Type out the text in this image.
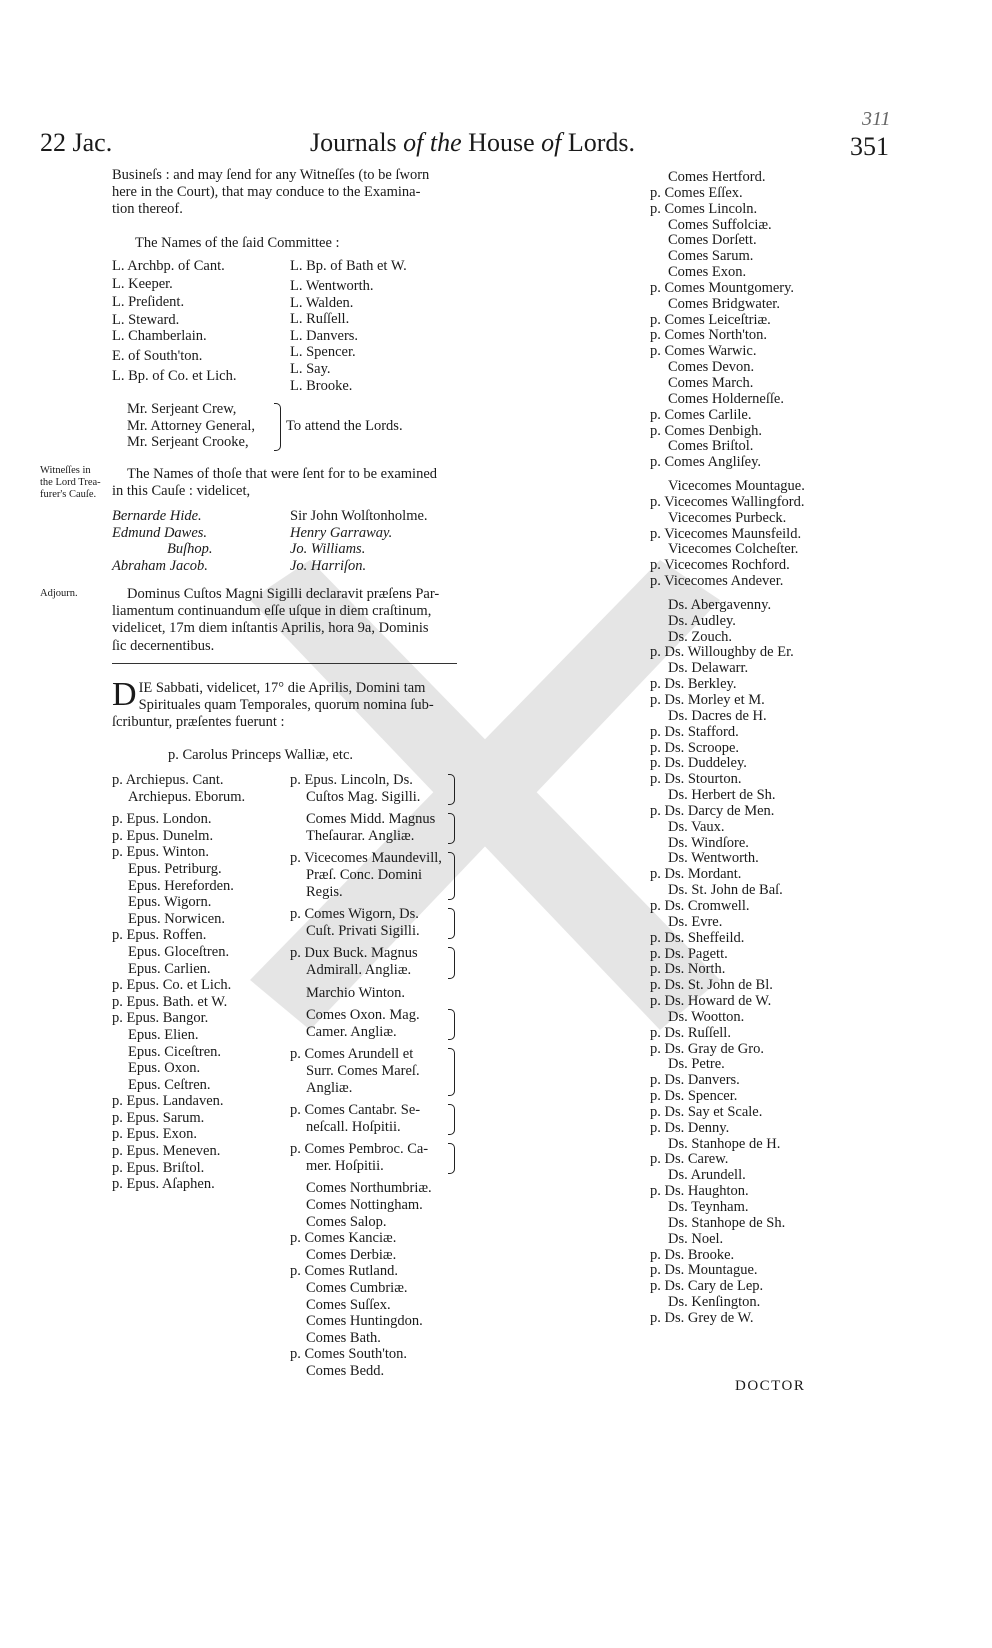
22 Jac.	Journals of the House of Lords.	351
311
Busineſs : and may ſend for any Witneſſes (to be ſworn
here in the Court), that may conduce to the Examina-
tion thereof.
The Names of the ſaid Committee :
L. Archbp. of Cant.
L. Keeper.
L. Preſident.
L. Steward.
L. Chamberlain.
E. of South'ton.
L. Bp. of Co. et Lich.
L. Bp. of Bath et W.
L. Wentworth.
L. Walden.
L. Ruſſell.
L. Danvers.
L. Spencer.
L. Say.
L. Brooke.
Mr. Serjeant Crew,
Mr. Attorney General,
Mr. Serjeant Crooke,
To attend the Lords.
Witneſſes in
the Lord Trea-
furer's Cauſe.
The Names of thoſe that were ſent for to be examined
in this Cauſe : videlicet,
Bernarde Hide.
Edmund Dawes.
Buſhop.
Abraham Jacob.
Sir John Wolſtonholme.
Henry Garraway.
Jo. Williams.
Jo. Harriſon.
Adjourn.	Dominus Cuſtos Magni Sigilli declaravit præſens Par-
liamentum continuandum eſſe uſque in diem craſtinum,
videlicet, 17m diem inſtantis Aprilis, hora 9a, Dominis
ſic decernentibus.
D IE Sabbati, videlicet, 17° die Aprilis, Domini tam
Spirituales quam Temporales, quorum nomina ſub-
ſcribuntur, præſentes fuerunt :
p. Carolus Princeps Walliæ, etc.
p. Archiepus. Cant.
Archiepus. Eborum.
p. Epus. London.
p. Epus. Dunelm.
p. Epus. Winton.
Epus. Petriburg.
Epus. Hereforden.
Epus. Wigorn.
Epus. Norwicen.
p. Epus. Roffen.
Epus. Gloceſtren.
Epus. Carlien.
p. Epus. Co. et Lich.
p. Epus. Bath. et W.
p. Epus. Bangor.
Epus. Elien.
Epus. Ciceſtren.
Epus. Oxon.
Epus. Ceſtren.
p. Epus. Landaven.
p. Epus. Sarum.
p. Epus. Exon.
p. Epus. Meneven.
p. Epus. Briſtol.
p. Epus. Aſaphen.
p. Epus. Lincoln, Ds.
Cuſtos Mag. Sigilli.
Comes Midd. Magnus
Theſaurar. Angliæ.
p. Vicecomes Maundevill,
Præſ. Conc. Domini
Regis.
p. Comes Wigorn, Ds.
Cuſt. Privati Sigilli.
p. Dux Buck. Magnus
Admirall. Angliæ.
Marchio Winton.
Comes Oxon. Mag.
Camer. Angliæ.
p. Comes Arundell et
Surr. Comes Mareſ.
Angliæ.
p. Comes Cantabr. Se-
neſcall. Hoſpitii.
p. Comes Pembroc. Ca-
mer. Hoſpitii.
Comes Northumbriæ.
Comes Nottingham.
Comes Salop.
p. Comes Kanciæ.
Comes Derbiæ.
p. Comes Rutland.
Comes Cumbriæ.
Comes Suſſex.
Comes Huntingdon.
Comes Bath.
p. Comes South'ton.
Comes Bedd.
Comes Hertford.
p. Comes Eſſex.
p. Comes Lincoln.
Comes Suffolciæ.
Comes Dorſett.
Comes Sarum.
Comes Exon.
p. Comes Mountgomery.
Comes Bridgwater.
p. Comes Leiceſtriæ.
p. Comes North'ton.
p. Comes Warwic.
Comes Devon.
Comes March.
Comes Holderneſſe.
p. Comes Carlile.
p. Comes Denbigh.
Comes Briſtol.
p. Comes Angliſey.
Vicecomes Mountague.
p. Vicecomes Wallingford.
Vicecomes Purbeck.
p. Vicecomes Maunsfeild.
Vicecomes Colcheſter.
p. Vicecomes Rochford.
p. Vicecomes Andever.
Ds. Abergavenny.
Ds. Audley.
Ds. Zouch.
p. Ds. Willoughby de Er.
Ds. Delawarr.
p. Ds. Berkley.
p. Ds. Morley et M.
Ds. Dacres de H.
p. Ds. Stafford.
p. Ds. Scroope.
p. Ds. Duddeley.
p. Ds. Stourton.
Ds. Herbert de Sh.
p. Ds. Darcy de Men.
Ds. Vaux.
Ds. Windſore.
Ds. Wentworth.
p. Ds. Mordant.
Ds. St. John de Baſ.
p. Ds. Cromwell.
Ds. Evre.
p. Ds. Sheffeild.
p. Ds. Pagett.
p. Ds. North.
p. Ds. St. John de Bl.
p. Ds. Howard de W.
Ds. Wootton.
p. Ds. Ruſſell.
p. Ds. Gray de Gro.
Ds. Petre.
p. Ds. Danvers.
p. Ds. Spencer.
p. Ds. Say et Scale.
p. Ds. Denny.
Ds. Stanhope de H.
p. Ds. Carew.
Ds. Arundell.
p. Ds. Haughton.
Ds. Teynham.
Ds. Stanhope de Sh.
Ds. Noel.
p. Ds. Brooke.
p. Ds. Mountague.
p. Ds. Cary de Lep.
Ds. Kenſington.
p. Ds. Grey de W.
DOCTOR
